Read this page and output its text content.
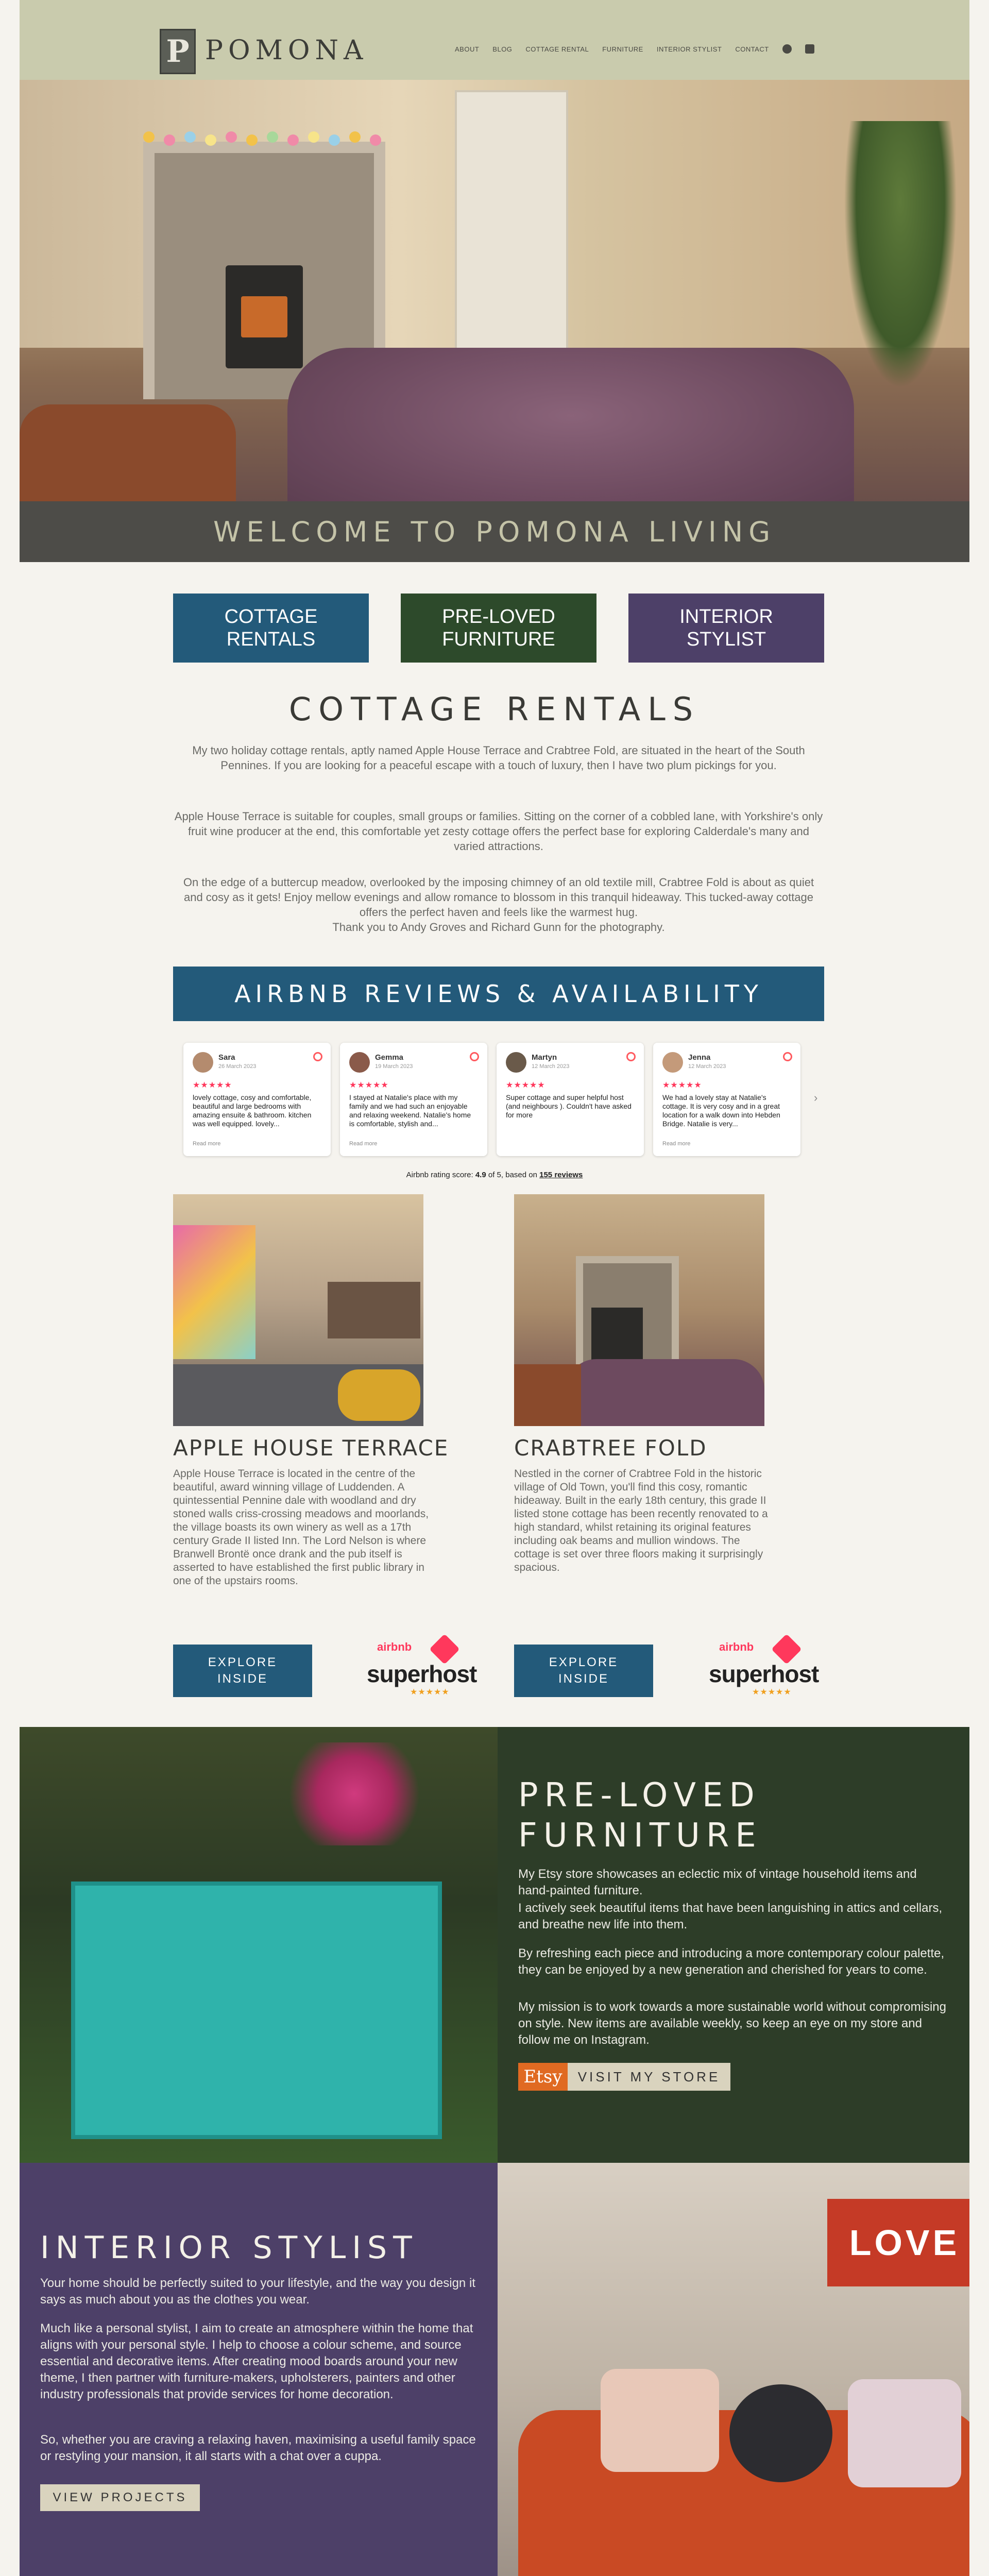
P POMONA	ABOUT BLOG COTTAGE RENTAL FURNITURE INTERIOR STYLIST CONTACT
WELCOME TO POMONA LIVING
COTTAGE RENTALS
PRE-LOVED FURNITURE
INTERIOR STYLIST
COTTAGE RENTALS

My two holiday cottage rentals, aptly named Apple House Terrace and Crabtree Fold, are situated in the heart of the South Pennines. If you are looking for a peaceful escape with a touch of luxury, then I have two plum pickings for you.

Apple House Terrace is suitable for couples, small groups or families. Sitting on the corner of a cobbled lane, with Yorkshire's only fruit wine producer at the end, this comfortable yet zesty cottage offers the perfect base for exploring Calderdale's many and varied attractions.

On the edge of a buttercup meadow, overlooked by the imposing chimney of an old textile mill, Crabtree Fold is about as quiet and cosy as it gets! Enjoy mellow evenings and allow romance to blossom in this tranquil hideaway. This tucked-away cottage offers the perfect haven and feels like the warmest hug.

Thank you to Andy Groves and Richard Gunn for the photography.

AIRBNB REVIEWS & AVAILABILITY
Sara
26 March 2023
★★★★★
lovely cottage, cosy and comfortable, beautiful and large bedrooms with amazing ensuite & bathroom. kitchen was well equipped. lovely...
Read more
Gemma
19 March 2023
★★★★★
I stayed at Natalie's place with my family and we had such an enjoyable and relaxing weekend. Natalie's home is comfortable, stylish and...
Read more
Martyn
12 March 2023
★★★★★
Super cottage and super helpful host (and neighbours ). Couldn't have asked for more
Jenna
12 March 2023
★★★★★
We had a lovely stay at Natalie's cottage. It is very cosy and in a great location for a walk down into Hebden Bridge. Natalie is very...
Read more
›
Airbnb rating score: 4.9 of 5, based on 155 reviews
APPLE HOUSE TERRACE

Apple House Terrace is located in the centre of the beautiful, award winning village of Luddenden. A quintessential Pennine dale with woodland and dry stoned walls criss-crossing meadows and moorlands, the village boasts its own winery as well as a 17th century Grade II listed Inn. The Lord Nelson is where Branwell Brontë once drank and the pub itself is asserted to have established the first public library in one of the upstairs rooms.

CRABTREE FOLD

Nestled in the corner of Crabtree Fold in the historic village of Old Town, you'll find this cosy, romantic hideaway. Built in the early 18th century, this grade II listed stone cottage has been recently renovated to a high standard, whilst retaining its original features including oak beams and mullion windows. The cottage is set over three floors making it surprisingly spacious.

EXPLORE INSIDE
airbnb
superhost
★★★★★
EXPLORE INSIDE
airbnb
superhost
★★★★★
PRE-LOVED
FURNITURE

My Etsy store showcases an eclectic mix of vintage household items and hand-painted furniture.

I actively seek beautiful items that have been languishing in attics and cellars, and breathe new life into them.

By refreshing each piece and introducing a more contemporary colour palette, they can be enjoyed by a new generation and cherished for years to come.

My mission is to work towards a more sustainable world without compromising on style. New items are available weekly, so keep an eye on my store and follow me on Instagram.

Etsy	VISIT MY STORE
INTERIOR STYLIST

Your home should be perfectly suited to your lifestyle, and the way you design it says as much about you as the clothes you wear.

Much like a personal stylist, I aim to create an atmosphere within the home that aligns with your personal style. I help to choose a colour scheme, and source essential and decorative items. After creating mood boards around your new theme, I then partner with furniture-makers, upholsterers, painters and other industry professionals that provide services for home decoration.

So, whether you are craving a relaxing haven, maximising a useful family space or restyling your mansion, it all starts with a chat over a cuppa.

VIEW PROJECTS
LOVE
